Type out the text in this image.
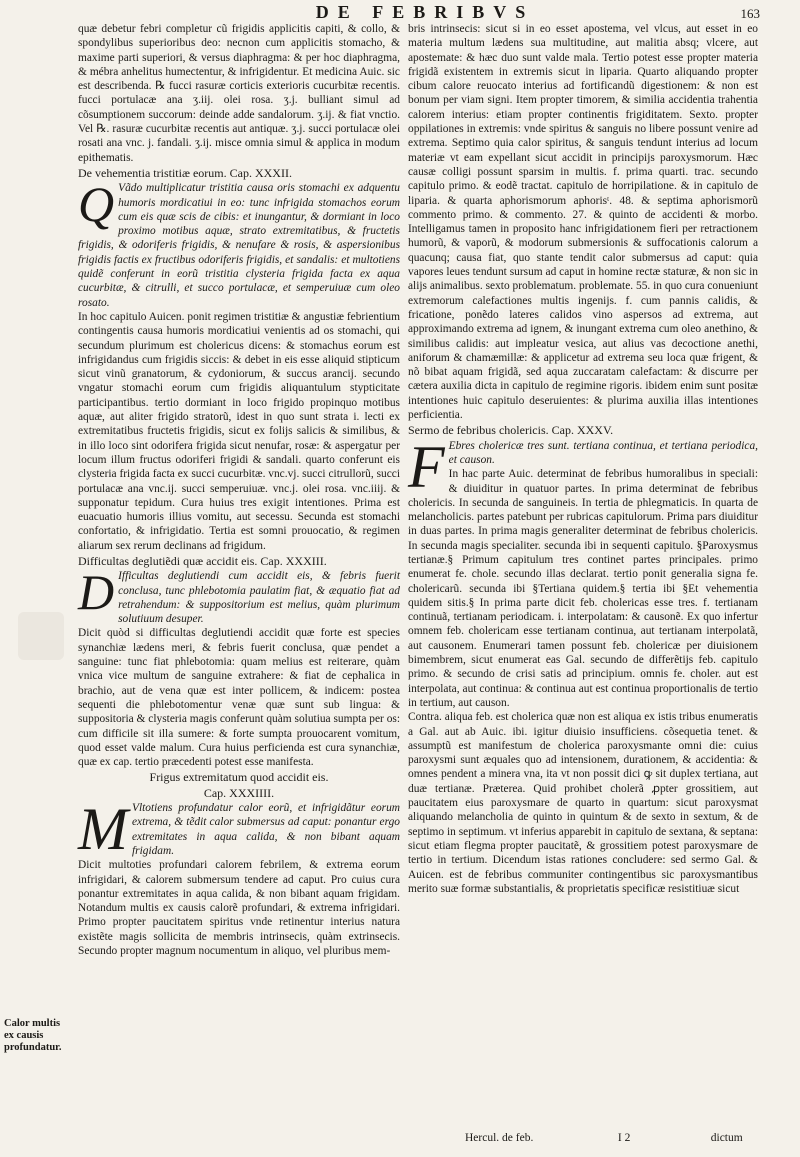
DE FEBRIBVS	163

quæ debetur febri completur cũ frigidis applicitis capiti, & collo, & spondylibus superioribus deo: necnon cum applicitis stomacho, & maxime parti superiori, & versus diaphragma: & per hoc diaphragma, & mébra anhelitus humectentur, & infrigidentur. Et medicina Auic. sic est describenda. ℞ fucci rasuræ corticis exterioris cucurbitæ recentis. fucci portulacæ ana ʒ.iij. olei rosa. ʒ.j. bulliant simul ad cõsumptionem succorum: deinde adde sandalorum. ʒ.ij. & fiat vnctio. Vel ℞. rasuræ cucurbitæ recentis aut antiquæ. ʒ.j. succi portulacæ olei rosati ana vnc. j. fandali. ʒ.ij. misce omnia simul & applica in modum epithematis.

De vehementia tristitiæ eorum. Cap. XXXII.

Q Vãdo multiplicatur tristitia causa oris stomachi ex adquentu humoris mordicatiui in eo: tunc infrigida stomachos eorum cum eis quæ scis de cibis: et inungantur, & dormiant in loco proximo motibus aquæ, strato extremitatibus, & fructetis frigidis, & odoriferis frigidis, & nenufare & rosis, & aspersionibus frigidis factis ex fructibus odoriferis frigidis, et sandalis: et multotiens quidẽ conferunt in eorũ tristitia clysteria frigida facta ex aqua cucurbitæ, & citrulli, et succo portulacæ, et semperuiuæ cum oleo rosato.

In hoc capitulo Auicen. ponit regimen tristitiæ & angustiæ febrientium contingentis causa humoris mordicatiui venientis ad os stomachi, qui secundum plurimum est cholericus dicens: & stomachus eorum est infrigidandus cum frigidis siccis: & debet in eis esse aliquid stipticum sicut vinũ granatorum, & cydoniorum, & succus arancij. secundo vngatur stomachi eorum cum frigidis aliquantulum stypticitate participantibus. tertio dormiant in loco frigido propinquo motibus aquæ, aut aliter frigido stratorũ, idest in quo sunt strata i. lecti ex extremitatibus fructetis frigidis, sicut ex folijs salicis & similibus, & in illo loco sint odorifera frigida sicut nenufar, rosæ: & aspergatur per locum illum fructus odoriferi frigidi & sandali. quarto conferunt eis clysteria frigida facta ex succi cucurbitæ. vnc.vj. succi citrullorũ, succi portulacæ ana vnc.ij. succi semperuiuæ. vnc.j. olei rosa. vnc.iiij. & supponatur tepidum. Cura huius tres exigit intentiones. Prima est euacuatio humoris illius vomitu, aut secessu. Secunda est stomachi confortatio, & infrigidatio. Tertia est somni prouocatio, & regimen aliarum sex rerum declinans ad frigidum.

Difficultas deglutiẽdi quæ accidit eis. Cap. XXXIII.

D Ifficultas deglutiendi cum accidit eis, & febris fuerit conclusa, tunc phlebotomia paulatim fiat, & æquatio fiat ad retrahendum: & suppositorium est melius, quàm plurimum solutiuum desuper.

Dicit quòd si difficultas deglutiendi accidit quæ forte est species synanchiæ lædens meri, & febris fuerit conclusa, quæ pendet a sanguine: tunc fiat phlebotomia: quam melius est reiterare, quàm vnica vice multum de sanguine extrahere: & fiat de cephalica in brachio, aut de vena quæ est inter pollicem, & indicem: postea sequenti die phlebotomentur venæ quæ sunt sub lingua: & suppositoria & clysteria magis conferunt quàm solutiua sumpta per os: cum difficile sit illa sumere: & forte sumpta prouocarent vomitum, quod esset valde malum. Cura huius perficienda est cura synanchiæ, quæ ex cap. tertio præcedenti potest esse manifesta.

Frigus extremitatum quod accidit eis.
Cap. XXXIIII.

M Vltotiens profundatur calor eorũ, et infrigidãtur eorum extrema, & tẽdit calor submersus ad caput: ponantur ergo extremitates in aqua calida, & non bibant aquam frigidam.

Dicit multoties profundari calorem febrilem, & extrema eorum infrigidari, & calorem submersum tendere ad caput. Pro cuius cura ponantur extremitates in aqua calida, & non bibant aquam frigidam. Notandum multis ex causis calorẽ profundari, & extrema infrigidari. Primo propter paucitatem spiritus vnde retinentur interius natura existẽte magis sollicita de membris intrinsecis, quàm extrinsecis. Secundo propter magnum nocumentum in aliquo, vel pluribus mem-

bris intrinsecis: sicut si in eo esset apostema, vel vlcus, aut esset in eo materia multum lædens sua multitudine, aut malitia absq; vlcere, aut apostemate: & hæc duo sunt valde mala. Tertio potest esse propter materia frigidã existentem in extremis sicut in liparia. Quarto aliquando propter cibum calore reuocato interius ad fortificandũ digestionem: & non est bonum per viam signi. Item propter timorem, & similia accidentia trahentia calorem interius: etiam propter continentis frigiditatem. Sexto. propter oppilationes in extremis: vnde spiritus & sanguis no libere possunt venire ad extrema. Septimo quia calor spiritus, & sanguis tendunt interius ad locum materiæ vt eam expellant sicut accidit in principijs paroxysmorum. Hæc causæ colligi possunt sparsim in multis. f. prima quarti. trac. secundo capitulo primo. & eodẽ tractat. capitulo de horripilatione. & in capitulo de liparia. & quarta aphorismorum aphorisᵗ. 48. & septima aphorismorũ commento primo. & commento. 27. & quinto de accidenti & morbo. Intelligamus tamen in proposito hanc infrigidationem fieri per retractionem humorũ, & vaporũ, & modorum submersionis & suffocationis calorum a quacunq; causa fiat, quo stante tendit calor submersus ad caput: quia vapores leues tendunt sursum ad caput in homine rectæ staturæ, & non sic in alijs animalibus. sexto problematum. problemate. 55. in quo cura conueniunt extremorum calefactiones multis ingenijs. f. cum pannis calidis, & fricatione, ponẽdo lateres calidos vino aspersos ad extrema, aut approximando extrema ad ignem, & inungant extrema cum oleo anethino, & similibus calidis: aut impleatur vesica, aut alius vas decoctione anethi, aniforum & chamæmillæ: & applicetur ad extrema seu loca quæ frigent, & nõ bibat aquam frigidã, sed aqua zuccaratam calefactam: & discurre per cætera auxilia dicta in capitulo de regimine rigoris. ibidem enim sunt positæ intentiones huic capitulo deseruientes: & plurima auxilia illas intentiones perficientia.

Sermo de febribus cholericis. Cap. XXXV.

F Ebres cholericæ tres sunt. tertiana continua, et tertiana periodica, et causon.

In hac parte Auic. determinat de febribus humoralibus in speciali: & diuiditur in quatuor partes. In prima determinat de febribus cholericis. In secunda de sanguineis. In tertia de phlegmaticis. In quarta de melancholicis. partes patebunt per rubricas capitulorum. Prima pars diuiditur in duas partes. In prima magis generaliter determinat de febribus cholericis. In secunda magis specialiter. secunda ibi in sequenti capitulo. §Paroxysmus tertianæ.§ Primum capitulum tres continet partes principales. primo enumerat fe. chole. secundo illas declarat. tertio ponit generalia signa fe. cholericarũ. secunda ibi §Tertiana quidem.§ tertia ibi §Et vehementia quidem sitis.§ In prima parte dicit feb. cholericas esse tres. f. tertianam continuã, tertianam periodicam. i. interpolatam: & causonẽ. Ex quo infertur omnem feb. cholericam esse tertianam continua, aut tertianam interpolatã, aut causonem. Enumerari tamen possunt feb. cholericæ per diuisionem bimembrem, sicut enumerat eas Gal. secundo de differẽtijs feb. capitulo primo. & secundo de crisi satis ad principium. omnis fe. choler. aut est interpolata, aut continua: & continua aut est continua proportionalis de tertio in tertium, aut causon.

Contra. aliqua feb. est cholerica quæ non est aliqua ex istis tribus enumeratis a Gal. aut ab Auic. ibi. igitur diuisio insufficiens. cõsequetia tenet. & assumptũ est manifestum de cholerica paroxysmante omni die: cuius paroxysmi sunt æquales quo ad intensionem, durationem, & accidentia: & omnes pendent a minera vna, ita vt non possit dici ꝙ sit duplex tertiana, aut duæ tertianæ. Præterea. Quid prohibet cholerã ꝓpter grossitiem, aut paucitatem eius paroxysmare de quarto in quartum: sicut paroxysmat aliquando melancholia de quinto in quintum & de sexto in sextum, & de septimo in septimum. vt inferius apparebit in capitulo de sextana, & septana: sicut etiam flegma propter paucitatẽ, & grossitiem potest paroxysmare de tertio in tertium. Dicendum istas rationes concludere: sed sermo Gal. & Auicen. est de febribus communiter contingentibus sic paroxysmantibus merito suæ formæ substantialis, & proprietatis specificæ resistitiuæ sicut

Calor multis ex causis profundatur.
Hercul. de feb.	I 2	dictum
